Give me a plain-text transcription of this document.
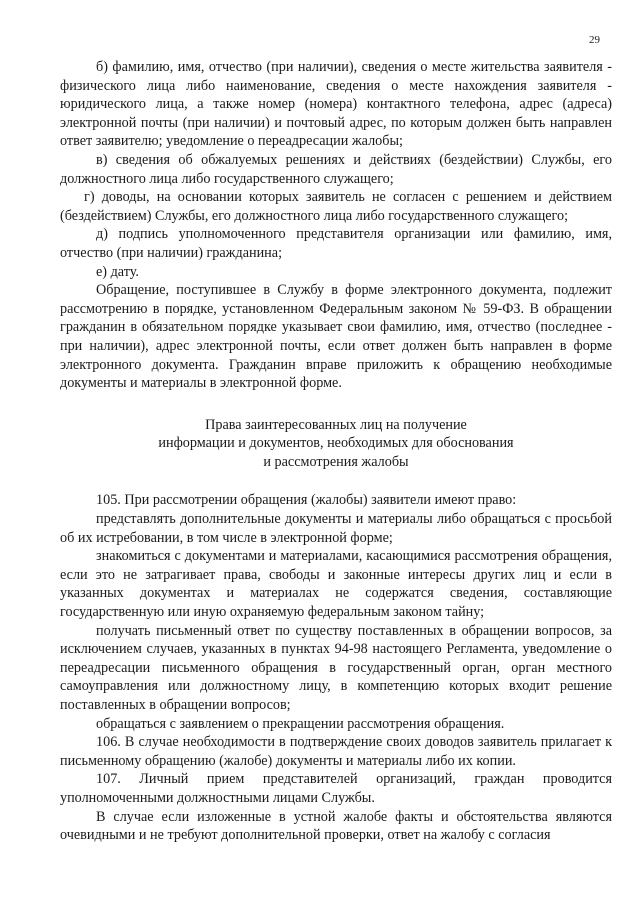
29

б) фамилию, имя, отчество (при наличии), сведения о месте жительства заявителя - физического лица либо наименование, сведения о месте нахождения заявителя - юридического лица, а также номер (номера) контактного телефона, адрес (адреса) электронной почты (при наличии) и почтовый адрес, по которым должен быть направлен ответ заявителю; уведомление о переадресации жалобы;

в) сведения об обжалуемых решениях и действиях (бездействии) Службы, его должностного лица либо государственного служащего;

г) доводы, на основании которых заявитель не согласен с решением и действием (бездействием) Службы, его должностного лица либо государственного служащего;

д) подпись уполномоченного представителя организации или фамилию, имя, отчество (при наличии) гражданина;

е) дату.

Обращение, поступившее в Службу в форме электронного документа, подлежит рассмотрению в порядке, установленном Федеральным законом № 59-ФЗ. В обращении гражданин в обязательном порядке указывает свои фамилию, имя, отчество (последнее - при наличии), адрес электронной почты, если ответ должен быть направлен в форме электронного документа. Гражданин вправе приложить к обращению необходимые документы и материалы в электронной форме.

Права заинтересованных лиц на получение
информации и документов, необходимых для обоснования
и рассмотрения жалобы

105. При рассмотрении обращения (жалобы) заявители имеют право:

представлять дополнительные документы и материалы либо обращаться с просьбой об их истребовании, в том числе в электронной форме;

знакомиться с документами и материалами, касающимися рассмотрения обращения, если это не затрагивает права, свободы и законные интересы других лиц и если в указанных документах и материалах не содержатся сведения, составляющие государственную или иную охраняемую федеральным законом тайну;

получать письменный ответ по существу поставленных в обращении вопросов, за исключением случаев, указанных в пунктах 94-98 настоящего Регламента, уведомление о переадресации письменного обращения в государственный орган, орган местного самоуправления или должностному лицу, в компетенцию которых входит решение поставленных в обращении вопросов;

обращаться с заявлением о прекращении рассмотрения обращения.

106. В случае необходимости в подтверждение своих доводов заявитель прилагает к письменному обращению (жалобе) документы и материалы либо их копии.

107. Личный прием представителей организаций, граждан проводится уполномоченными должностными лицами Службы.

В случае если изложенные в устной жалобе факты и обстоятельства являются очевидными и не требуют дополнительной проверки, ответ на жалобу с согласия
